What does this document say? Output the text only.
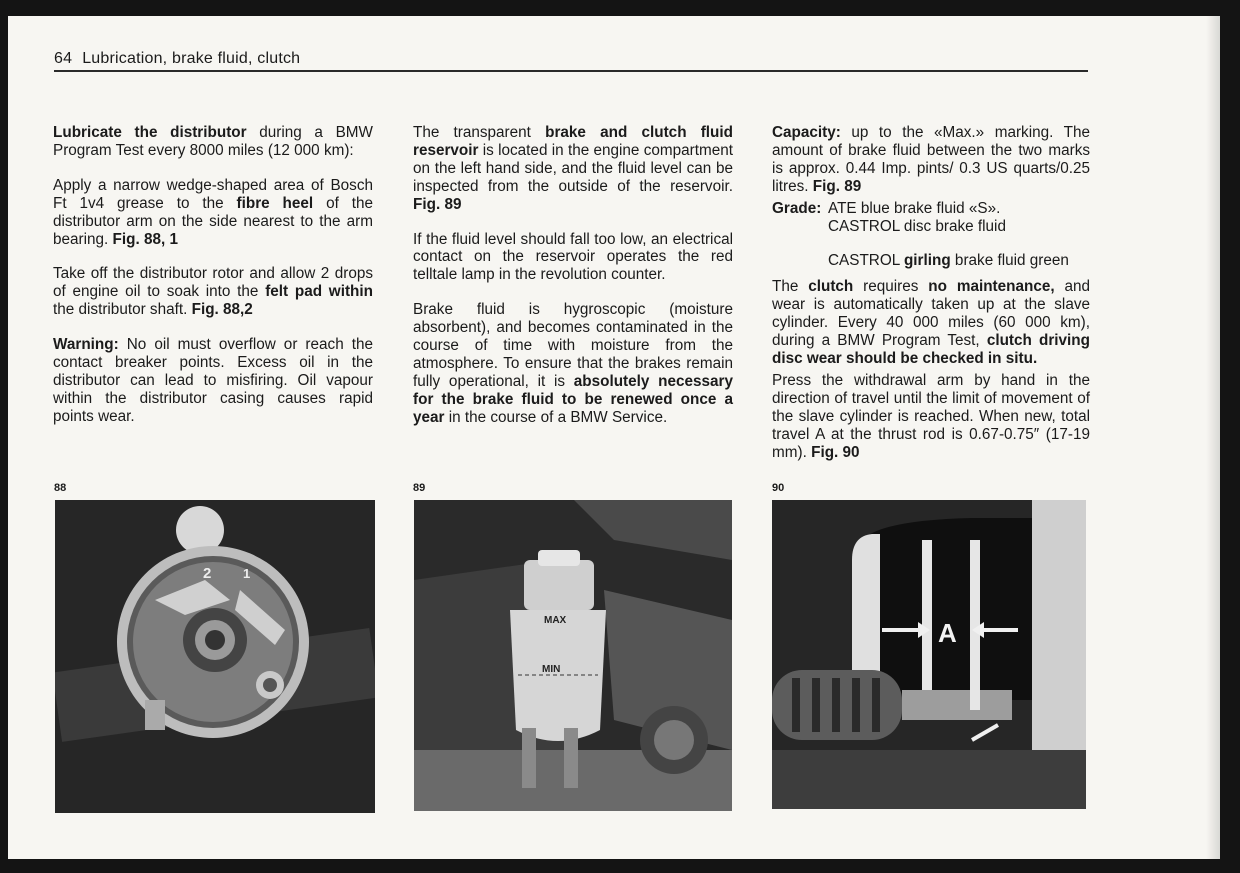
64 Lubrication, brake fluid, clutch

Lubricate the distributor during a BMW Program Test every 8000 miles (12 000 km):

Apply a narrow wedge-shaped area of Bosch Ft 1v4 grease to the fibre heel of the distributor arm on the side nearest to the arm bearing. Fig. 88, 1

Take off the distributor rotor and allow 2 drops of engine oil to soak into the felt pad within the distributor shaft. Fig. 88,2

Warning: No oil must overflow or reach the contact breaker points. Excess oil in the distributor can lead to misfiring. Oil vapour within the distributor casing causes rapid points wear.

The transparent brake and clutch fluid reservoir is located in the engine compartment on the left hand side, and the fluid level can be inspected from the outside of the reservoir. Fig. 89

If the fluid level should fall too low, an electrical contact on the reservoir operates the red telltale lamp in the revolution counter.

Brake fluid is hygroscopic (moisture absorbent), and becomes contaminated in the course of time with moisture from the atmosphere. To ensure that the brakes remain fully operational, it is absolutely necessary for the brake fluid to be renewed once a year in the course of a BMW Service.

Capacity: up to the «Max.» marking. The amount of brake fluid between the two marks is approx. 0.44 Imp. pints/ 0.3 US quarts/0.25 litres. Fig. 89

Grade: ATE blue brake fluid «S».

CASTROL disc brake fluid

CASTROL girling brake fluid green

The clutch requires no maintenance, and wear is automatically taken up at the slave cylinder. Every 40 000 miles (60 000 km), during a BMW Program Test, clutch driving disc wear should be checked in situ.

Press the withdrawal arm by hand in the direction of travel until the limit of movement of the slave cylinder is reached. When new, total travel A at the thrust rod is 0.67-0.75″ (17-19 mm). Fig. 90

88	89	90
2 1
MAX
MIN
A
